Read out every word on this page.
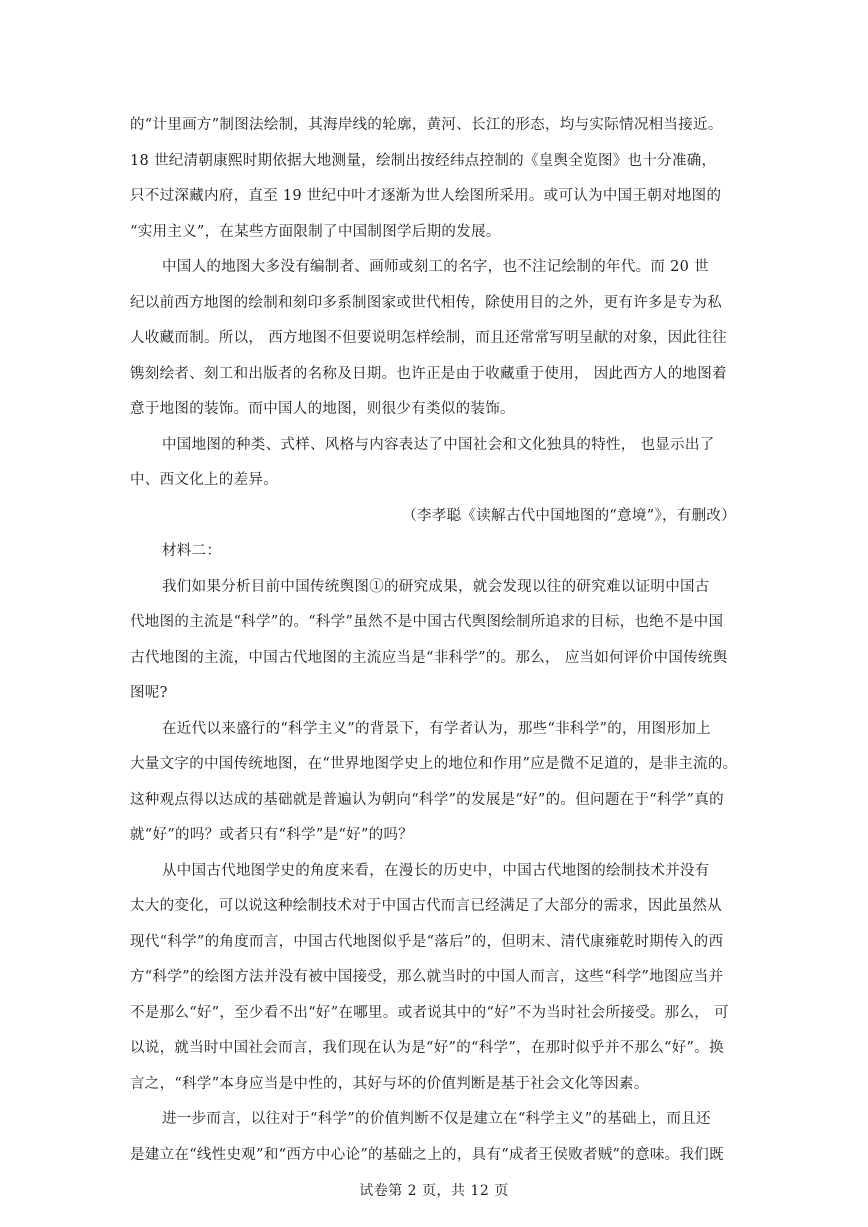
的“计里画方”制图法绘制，其海岸线的轮廓，黄河、长江的形态，均与实际情况相当接近。
18 世纪清朝康熙时期依据大地测量，绘制出按经纬点控制的《皇舆全览图》也十分准确，
只不过深藏内府，直至 19 世纪中叶才逐渐为世人绘图所采用。或可认为中国王朝对地图的
“实用主义”，在某些方面限制了中国制图学后期的发展。
中国人的地图大多没有编制者、画师或刻工的名字，也不注记绘制的年代。而 20 世
纪以前西方地图的绘制和刻印多系制图家或世代相传，除使用目的之外，更有许多是专为私
人收藏而制。所以， 西方地图不但要说明怎样绘制，而且还常常写明呈献的对象，因此往往
镌刻绘者、刻工和出版者的名称及日期。也许正是由于收藏重于使用， 因此西方人的地图着
意于地图的装饰。而中国人的地图，则很少有类似的装饰。
中国地图的种类、式样、风格与内容表达了中国社会和文化独具的特性， 也显示出了
中、西文化上的差异。
（李孝聪《读解古代中国地图的“意境”》，有删改）
材料二：
我们如果分析目前中国传统舆图①的研究成果，就会发现以往的研究难以证明中国古
代地图的主流是“科学”的。“科学”虽然不是中国古代舆图绘制所追求的目标，也绝不是中国
古代地图的主流，中国古代地图的主流应当是“非科学”的。那么， 应当如何评价中国传统舆
图呢?
在近代以来盛行的“科学主义”的背景下，有学者认为，那些“非科学”的，用图形加上
大量文字的中国传统地图，在“世界地图学史上的地位和作用”应是微不足道的，是非主流的。
这种观点得以达成的基础就是普遍认为朝向“科学”的发展是“好”的。但问题在于“科学”真的
就“好”的吗？或者只有“科学”是“好”的吗？
从中国古代地图学史的角度来看，在漫长的历史中，中国古代地图的绘制技术并没有
太大的变化，可以说这种绘制技术对于中国古代而言已经满足了大部分的需求，因此虽然从
现代“科学”的角度而言，中国古代地图似乎是“落后”的，但明末、清代康雍乾时期传入的西
方“科学”的绘图方法并没有被中国接受，那么就当时的中国人而言，这些“科学”地图应当并
不是那么“好”，至少看不出“好”在哪里。或者说其中的“好”不为当时社会所接受。那么， 可
以说，就当时中国社会而言，我们现在认为是“好”的“科学”，在那时似乎并不那么“好”。换
言之，“科学”本身应当是中性的，其好与坏的价值判断是基于社会文化等因素。
进一步而言，以往对于“科学”的价值判断不仅是建立在“科学主义”的基础上，而且还
是建立在“线性史观”和“西方中心论”的基础之上的，具有“成者王侯败者贼”的意味。我们既
试卷第 2 页，共 12 页
